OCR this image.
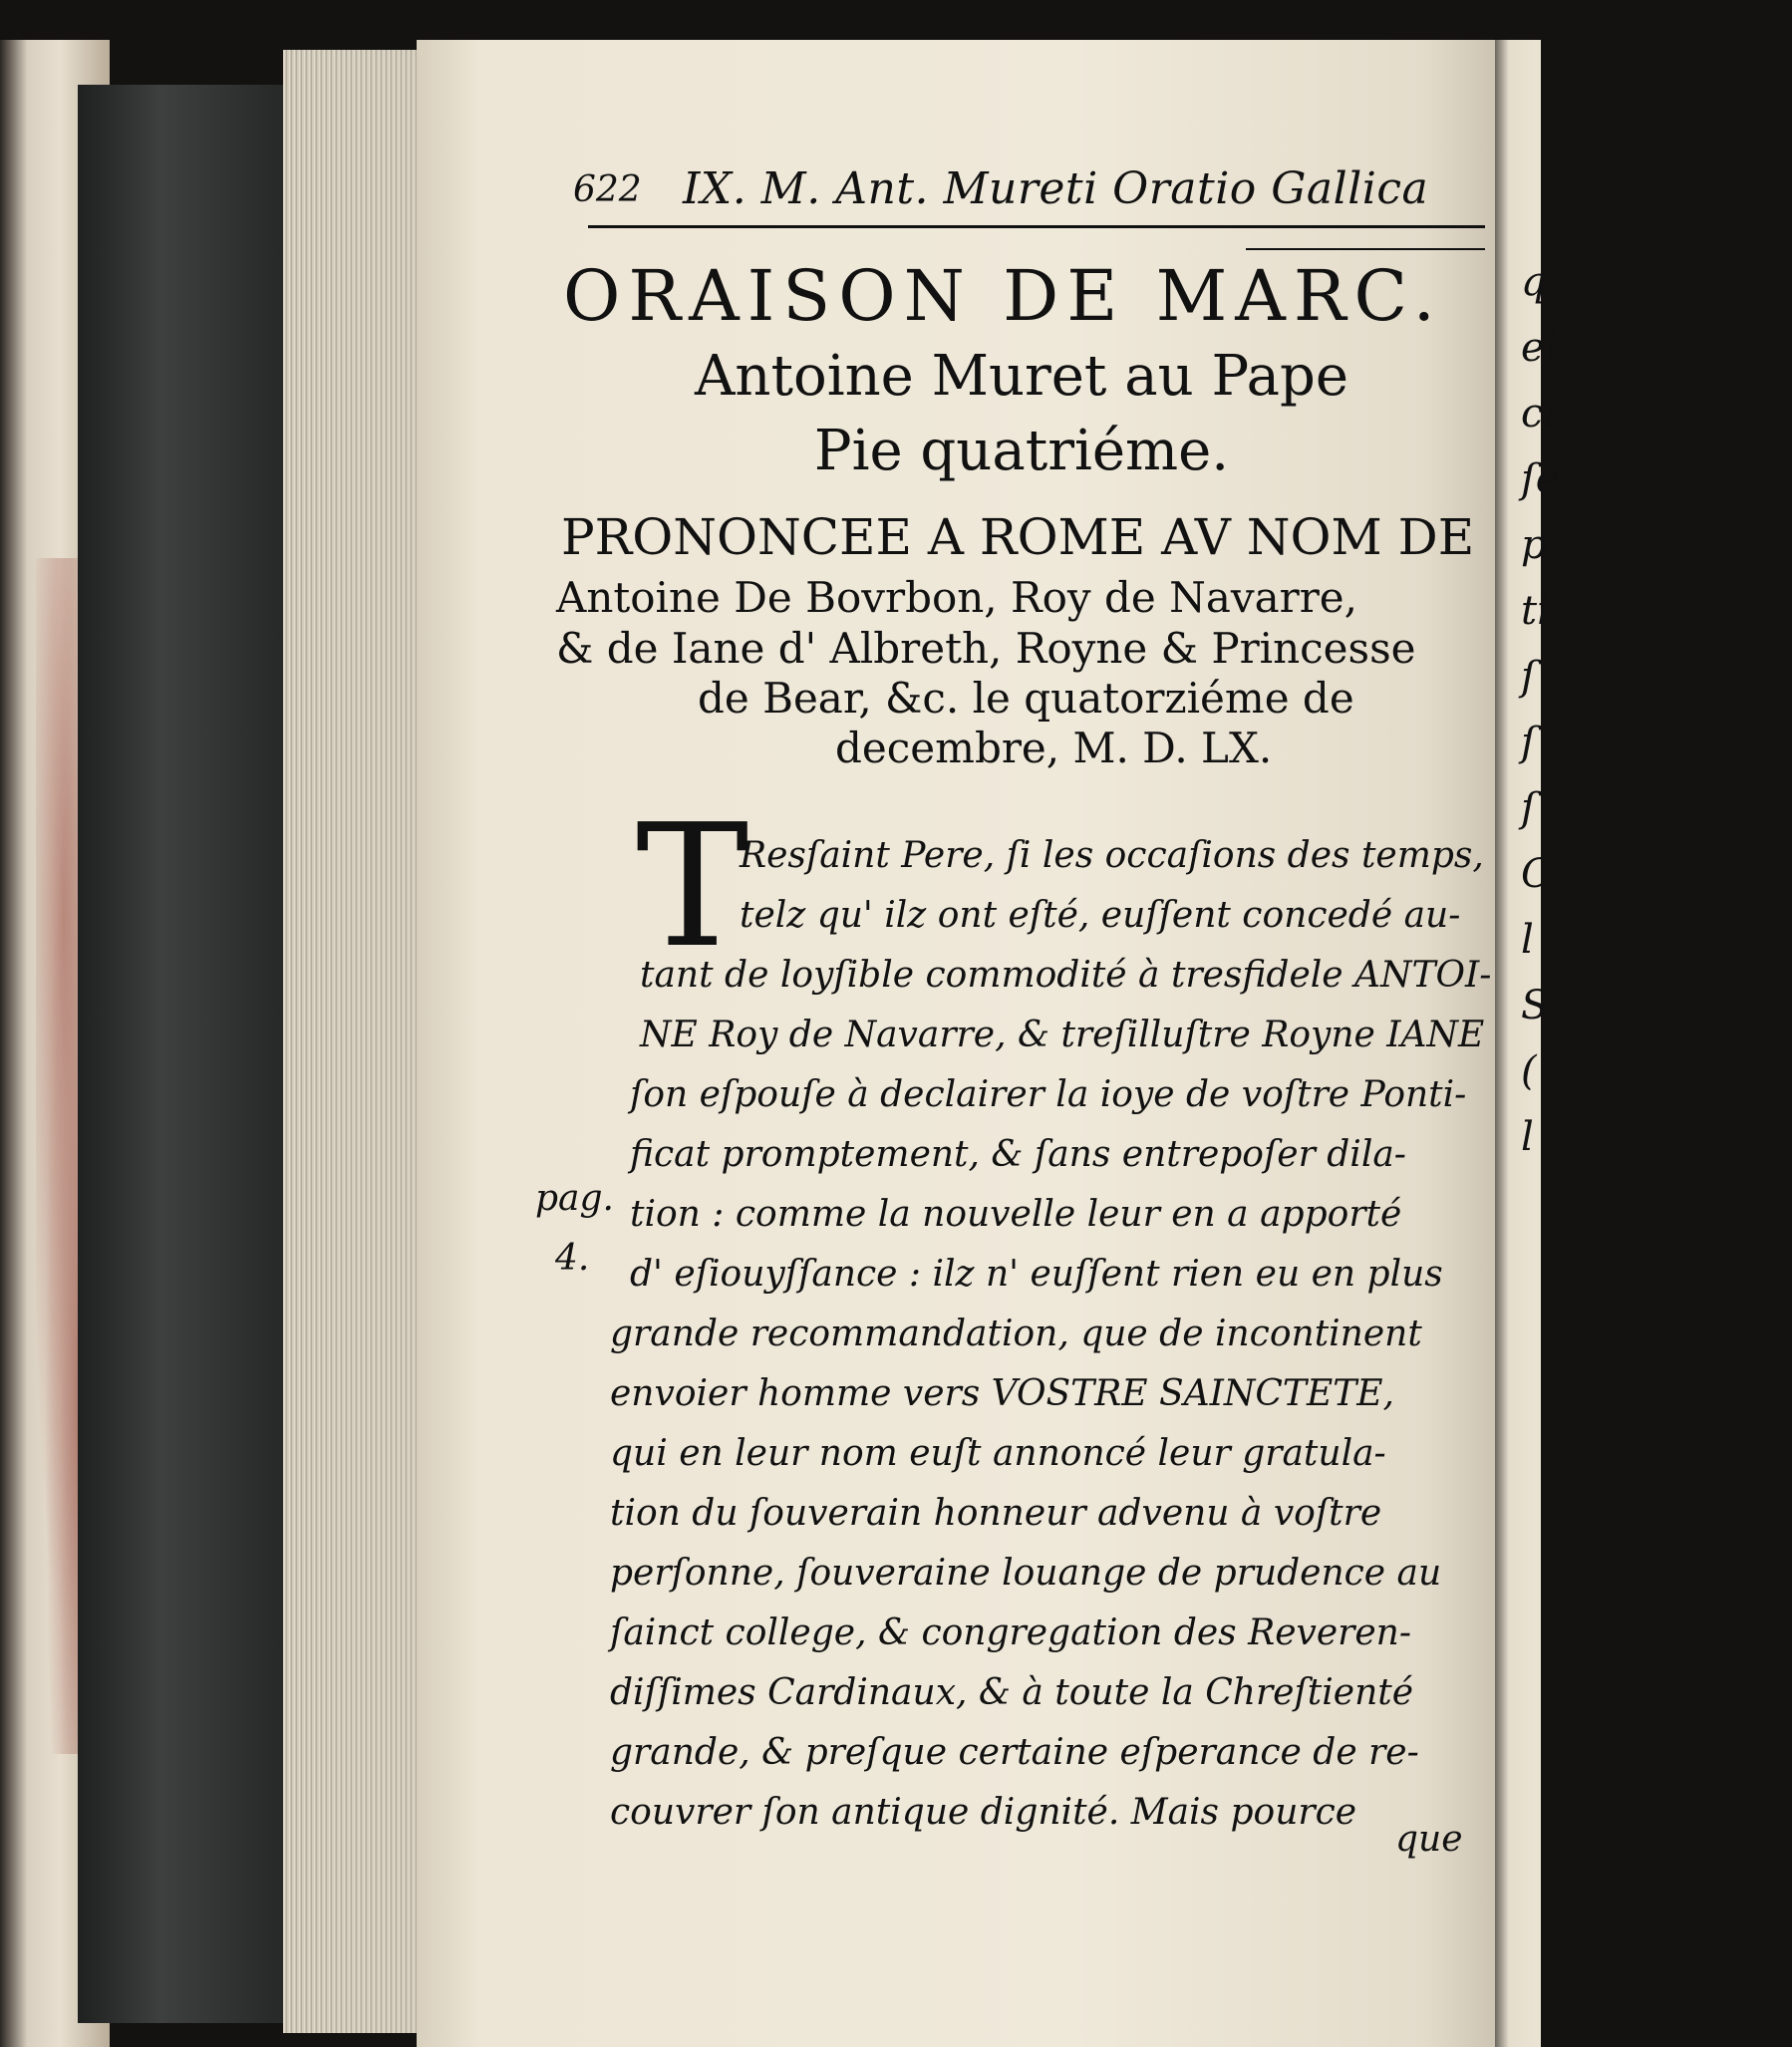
q
ei
ci
ſe
p
ti
ſ
ſ
ſ
C
l
S
(
l
622 IX. M. Ant. Mureti Oratio Gallica
ORAISON DE MARC.
Antoine Muret au Pape
Pie quatriéme.
PRONONCEE A ROME AV NOM DE
Antoine De Bovrbon, Roy de Navarre,
& de Iane d' Albreth, Royne & Princesse
de Bear, &c. le quatorziéme de
decembre, M. D. LX.
T
Resſaint Pere, ſi les occaſions des temps,
telz qu' ilz ont eſté, euſſent concedé au-
tant de loyſible commodité à tresfidele ANTOI-
NE Roy de Navarre, & treſilluſtre Royne IANE
ſon eſpouſe à declairer la ioye de voſtre Ponti-
ficat promptement, & ſans entrepoſer dila-
tion : comme la nouvelle leur en a apporté
d' eſiouyſſance : ilz n' euſſent rien eu en plus
grande recommandation, que de incontinent
envoier homme vers VOSTRE SAINCTETE,
qui en leur nom euſt annoncé leur gratula-
tion du ſouverain honneur advenu à voſtre
perſonne, ſouveraine louange de prudence au
ſainct college, & congregation des Reveren-
diſſimes Cardinaux, & à toute la Chreſtienté
grande, & preſque certaine eſperance de re-
couvrer ſon antique dignité. Mais pource
pag.
4.
que
